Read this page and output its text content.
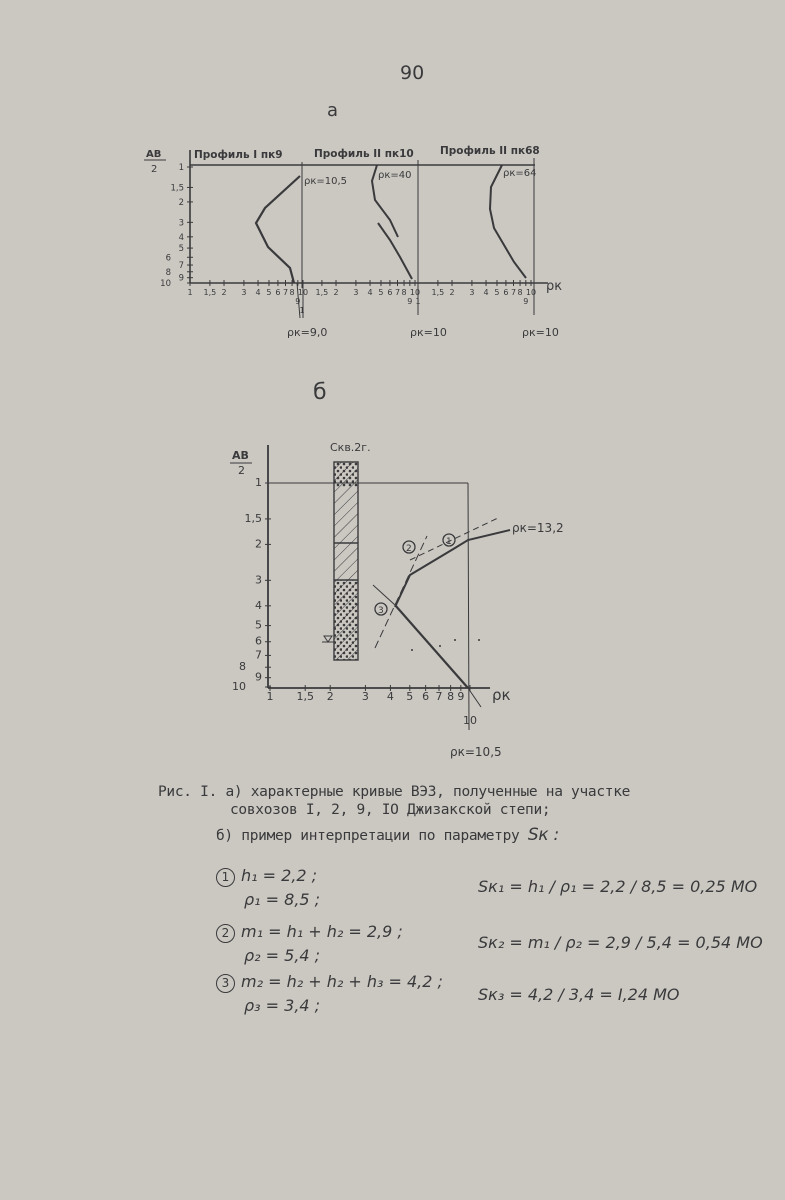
90
а
б
АВ
2 1
1,5
2
3
4
5
6
7
8
9
10
1 1,5 2 3 4 5 6 7 8
9
10
1
1,5 2 3 4 5 6 7 8
9
10
1
1,5 2 3 4 5 6 7 8
9
10
Профиль I пк9	Профиль II пк10	Профиль II пк68
ρк=10,5
ρк=40	ρк=64
ρк=9,0	ρк=10	ρк=10
ρк
АВ
2
Скв.2г.
1
1,5
2
3
4
5
6
7
8
9
10
1 1,5 2	3 4 5 6 7 8 9
10
1
2
3
ρк=13,2
ρк=10,5
ρк
Рис. I. а) характерные кривые ВЭЗ, полученные на участке
совхозов I, 2, 9, IO Джизакской степи;
б) пример интерпретации по параметру Sк :
1 h₁ = 2,2 ;
ρ₁ = 8,5 ;
2 m₁ = h₁ + h₂ = 2,9 ;
ρ₂ = 5,4 ;
3 m₂ = h₂ + h₂ + h₃ = 4,2 ;
ρ₃ = 3,4 ;
Sк₁ = h₁ / ρ₁ = 2,2 / 8,5 = 0,25 МО
Sк₂ = m₁ / ρ₂ = 2,9 / 5,4 = 0,54 МО
Sк₃ = 4,2 / 3,4 = I,24 МО
